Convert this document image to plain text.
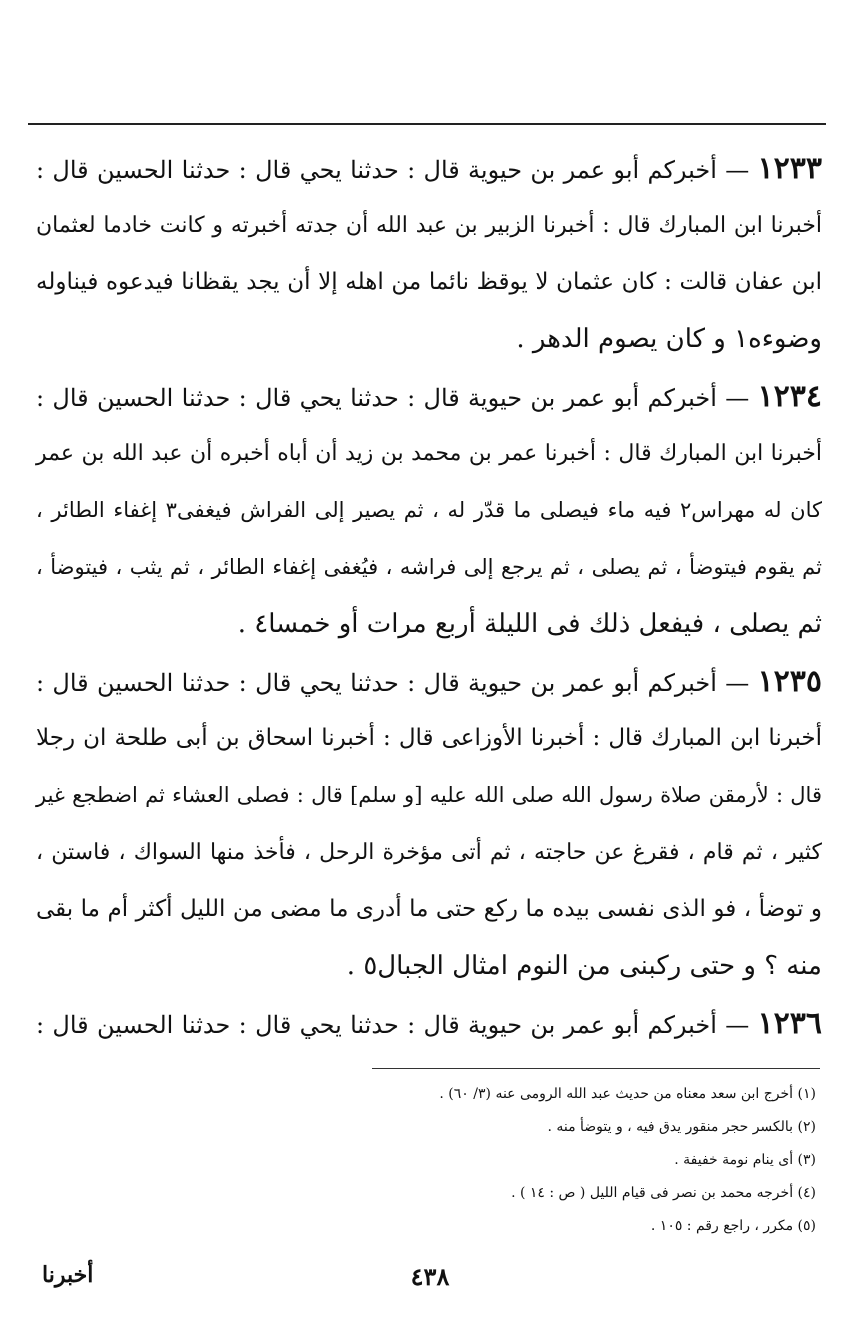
١٢٣٣ — أخبركم أبو عمر بن حيوية قال : حدثنا يحي قال : حدثنا الحسين قال :
أخبرنا ابن المبارك قال : أخبرنا الزبير بن عبد الله أن جدته أخبرته و كانت خادما لعثمان
ابن عفان قالت : كان عثمان لا يوقظ نائما من اهله إلا أن يجد يقظانا فيدعوه فيناوله
وضوءه١ و كان يصوم الدهر .
١٢٣٤ — أخبركم أبو عمر بن حيوية قال : حدثنا يحي قال : حدثنا الحسين قال :
أخبرنا ابن المبارك قال : أخبرنا عمر بن محمد بن زيد أن أباه أخبره أن عبد الله بن عمر
كان له مهراس٢ فيه ماء فيصلى ما قدّر له ، ثم يصير إلى الفراش فيغفى٣ إغفاء الطائر ،
ثم يقوم فيتوضأ ، ثم يصلى ، ثم يرجع إلى فراشه ، فيُغفى إغفاء الطائر ، ثم يثب ، فيتوضأ ،
ثم يصلى ، فيفعل ذلك فى الليلة أربع مرات أو خمسا٤ .
١٢٣٥ — أخبركم أبو عمر بن حيوية قال : حدثنا يحي قال : حدثنا الحسين قال :
أخبرنا ابن المبارك قال : أخبرنا الأوزاعى قال : أخبرنا اسحاق بن أبى طلحة ان رجلا
قال : لأرمقن صلاة رسول الله صلى الله عليه [و سلم] قال : فصلى العشاء ثم اضطجع غير
كثير ، ثم قام ، فقرغ عن حاجته ، ثم أتى مؤخرة الرحل ، فأخذ منها السواك ، فاستن ،
و توضأ ، فو الذى نفسى بيده ما ركع حتى ما أدرى ما مضى من الليل أكثر أم ما بقى
منه ؟ و حتى ركبنى من النوم امثال الجبال٥ .
١٢٣٦ — أخبركم أبو عمر بن حيوية قال : حدثنا يحي قال : حدثنا الحسين قال :
(١) أخرج ابن سعد معناه من حديث عبد الله الرومى عنه (٣/ ٦٠) .
(٢) بالكسر حجر منقور يدق فيه ، و يتوضأ منه .
(٣) أى ينام نومة خفيفة .
(٤) أخرجه محمد بن نصر فى قيام الليل ( ص : ١٤ ) .
(٥) مكرر ، راجع رقم : ١٠٥ .
٤٣٨
أخبرنا
